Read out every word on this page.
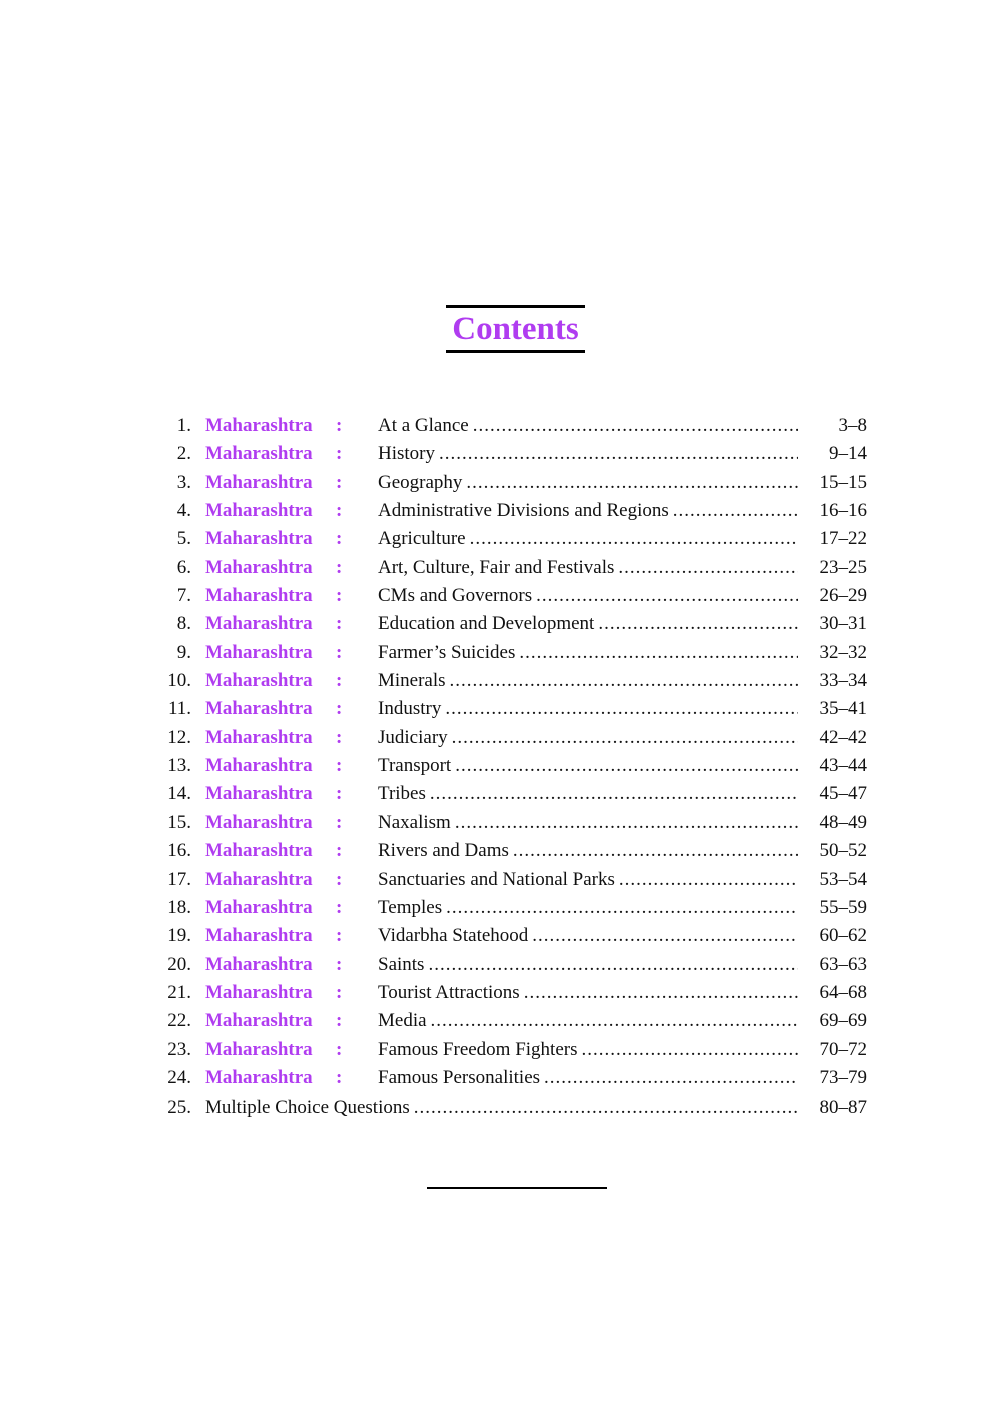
Contents
1. Maharashtra : At a Glance .....	3–8
2. Maharashtra : History .....	9–14
3. Maharashtra : Geography .....	15–15
4. Maharashtra : Administrative Divisions and Regions .....	16–16
5. Maharashtra : Agriculture .....	17–22
6. Maharashtra : Art, Culture, Fair and Festivals .....	23–25
7. Maharashtra : CMs and Governors .....	26–29
8. Maharashtra : Education and Development .....	30–31
9. Maharashtra : Farmer’s Suicides .....	32–32
10. Maharashtra : Minerals .....	33–34
11. Maharashtra : Industry .....	35–41
12. Maharashtra : Judiciary .....	42–42
13. Maharashtra : Transport .....	43–44
14. Maharashtra : Tribes .....	45–47
15. Maharashtra : Naxalism .....	48–49
16. Maharashtra : Rivers and Dams .....	50–52
17. Maharashtra : Sanctuaries and National Parks .....	53–54
18. Maharashtra : Temples .....	55–59
19. Maharashtra : Vidarbha Statehood .....	60–62
20. Maharashtra : Saints .....	63–63
21. Maharashtra : Tourist Attractions .....	64–68
22. Maharashtra : Media .....	69–69
23. Maharashtra : Famous Freedom Fighters .....	70–72
24. Maharashtra : Famous Personalities .....	73–79
25. Multiple Choice Questions .....	80–87
